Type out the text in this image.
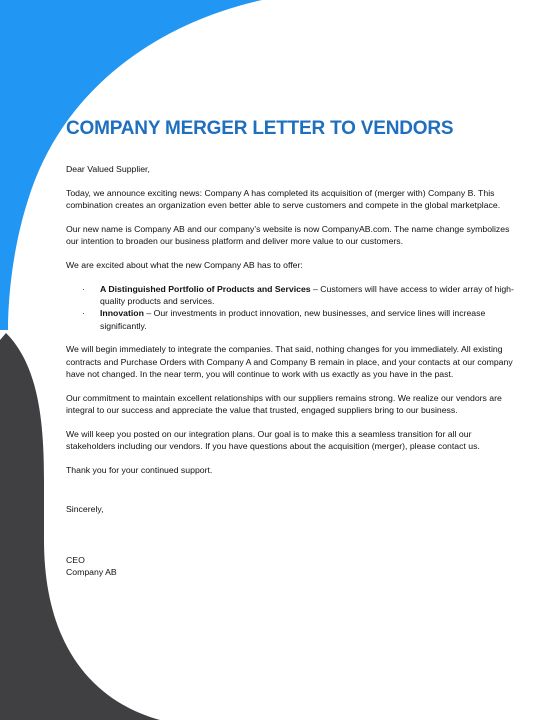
COMPANY MERGER LETTER TO VENDORS

Dear Valued Supplier,

Today, we announce exciting news: Company A has completed its acquisition of (merger with) Company B. This combination creates an organization even better able to serve customers and compete in the global marketplace.

Our new name is Company AB and our company’s website is now CompanyAB.com. The name change symbolizes our intention to broaden our business platform and deliver more value to our customers.

We are excited about what the new Company AB has to offer:

· A Distinguished Portfolio of Products and Services – Customers will have access to wider array of high-quality products and services.
· Innovation – Our investments in product innovation, new businesses, and service lines will increase significantly.

We will begin immediately to integrate the companies. That said, nothing changes for you immediately. All existing contracts and Purchase Orders with Company A and Company B remain in place, and your contacts at our company have not changed. In the near term, you will continue to work with us exactly as you have in the past.

Our commitment to maintain excellent relationships with our suppliers remains strong. We realize our vendors are integral to our success and appreciate the value that trusted, engaged suppliers bring to our business.

We will keep you posted on our integration plans. Our goal is to make this a seamless transition for all our stakeholders including our vendors. If you have questions about the acquisition (merger), please contact us.

Thank you for your continued support.

Sincerely,

CEO
Company AB
